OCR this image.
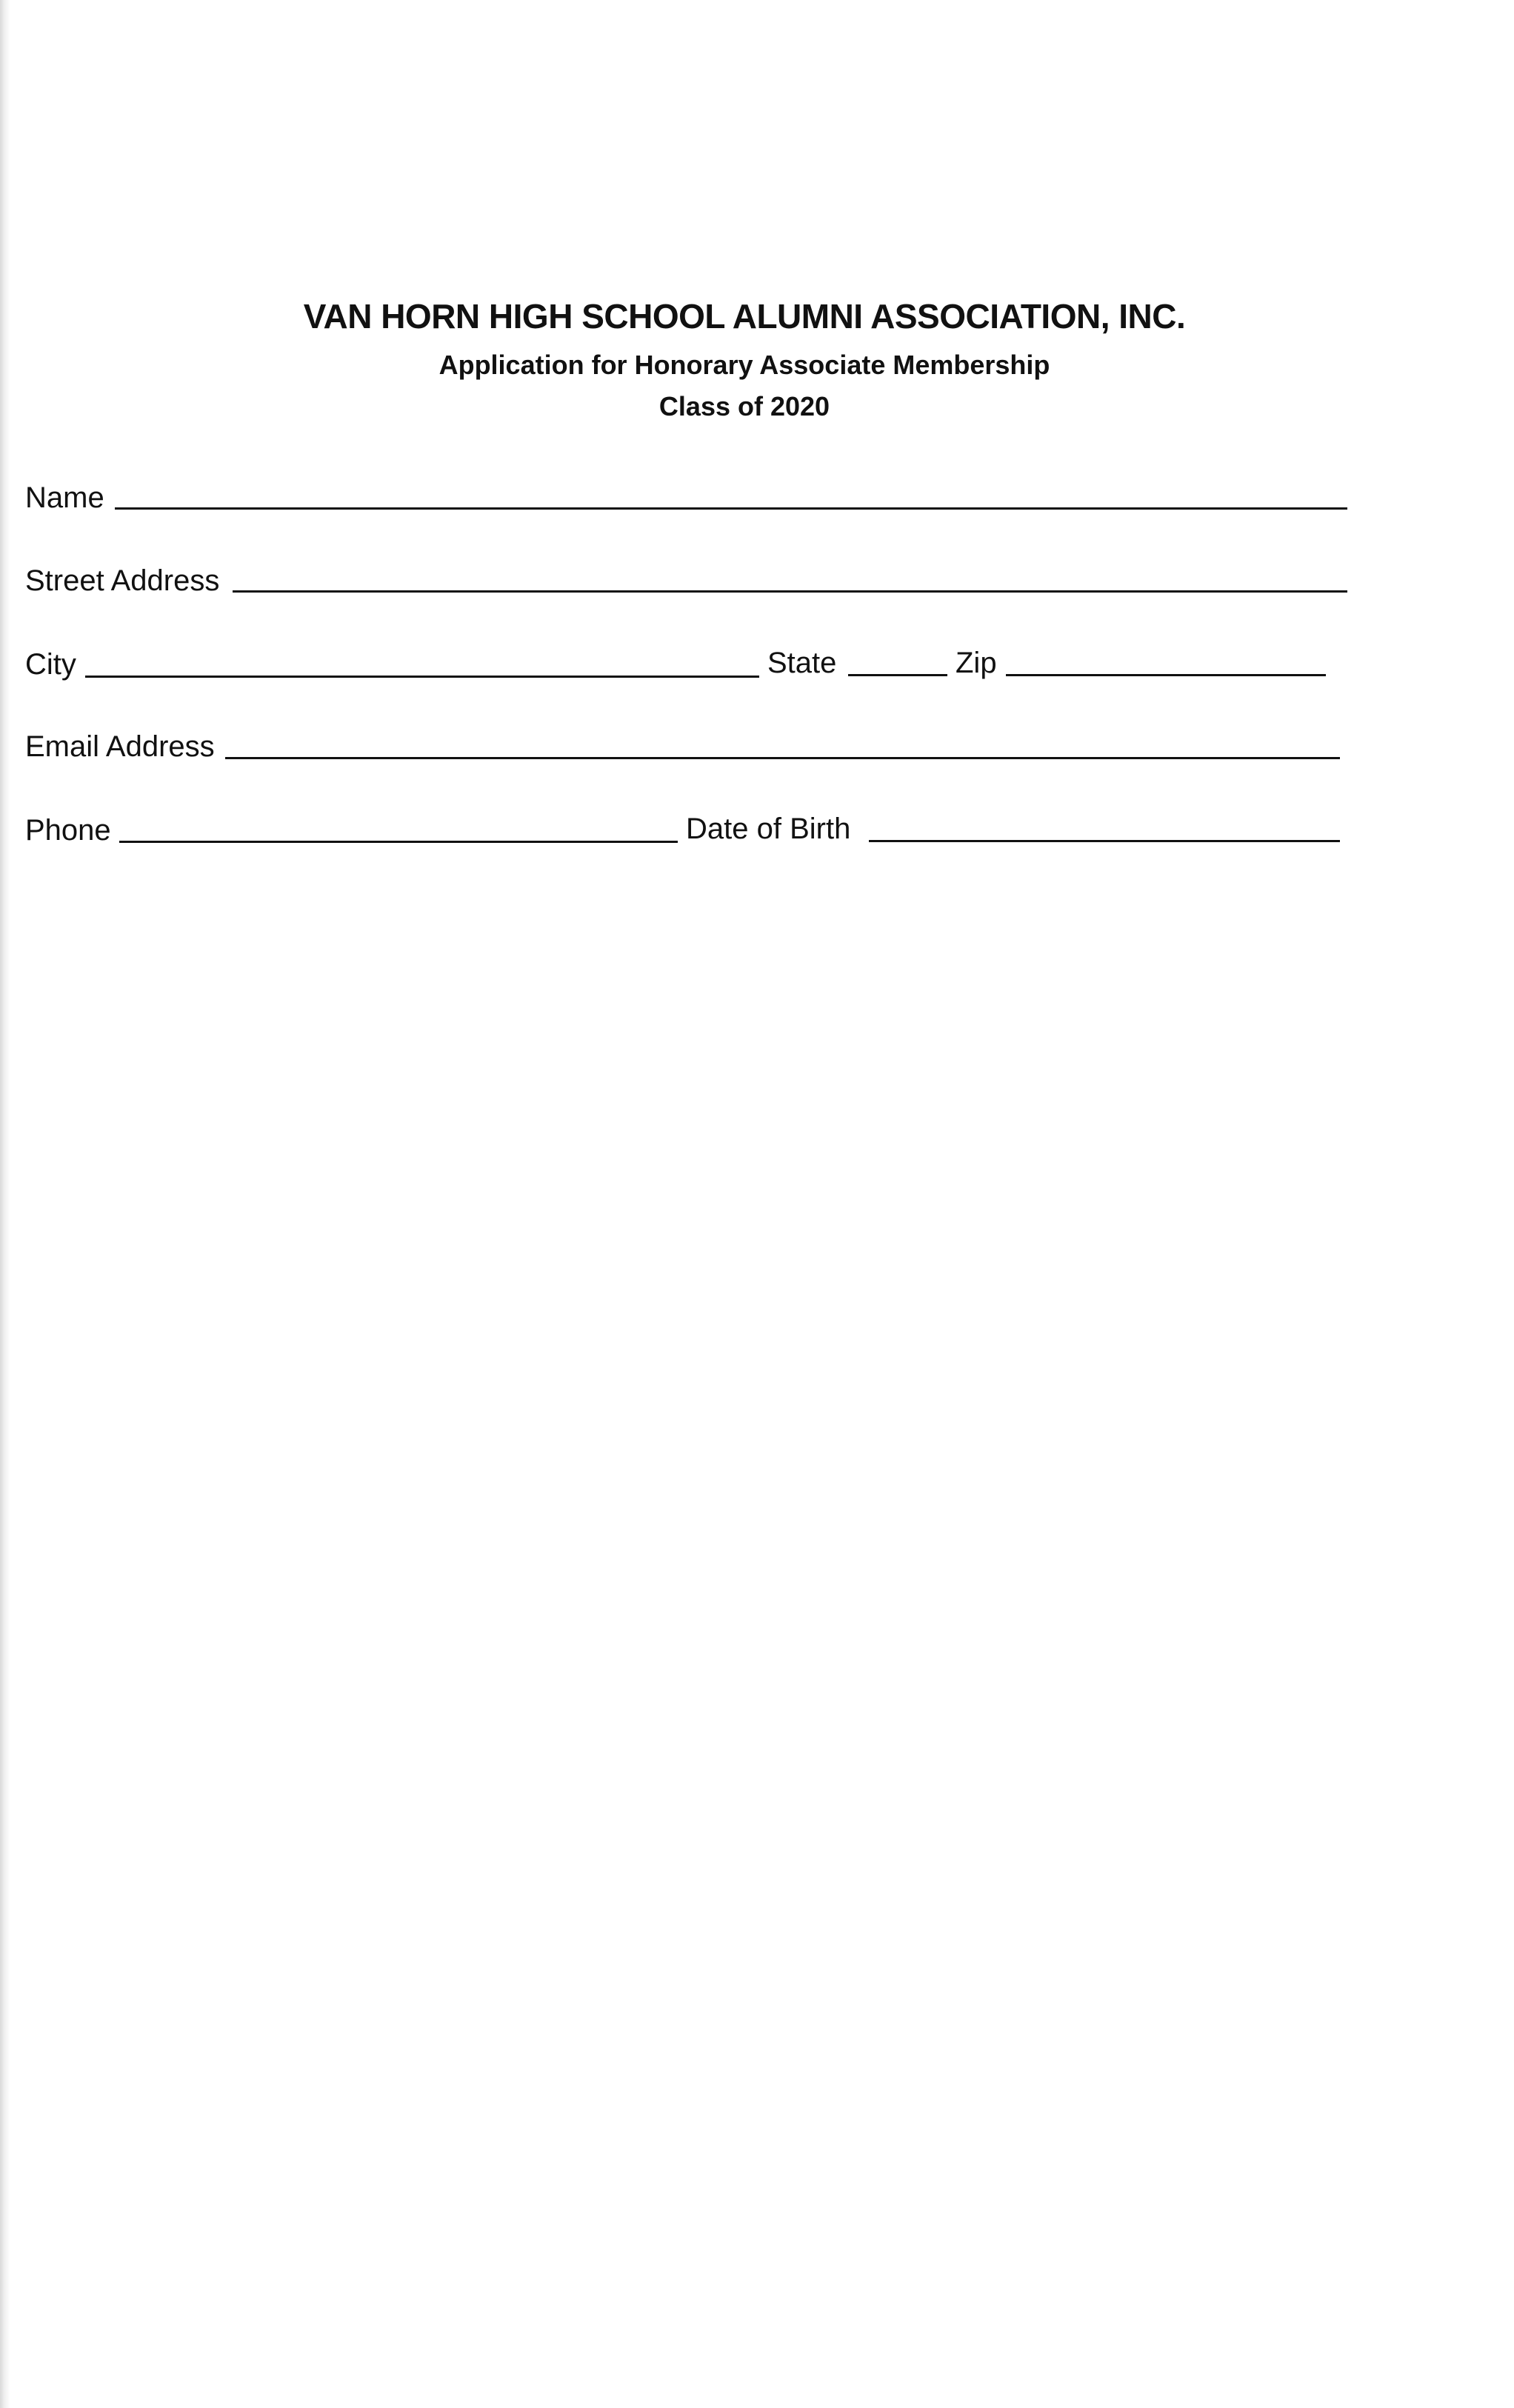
VAN HORN HIGH SCHOOL ALUMNI ASSOCIATION, INC.
Application for Honorary Associate Membership
Class of 2020
Name
Street Address
City	State	Zip
Email Address
Phone	Date of Birth
